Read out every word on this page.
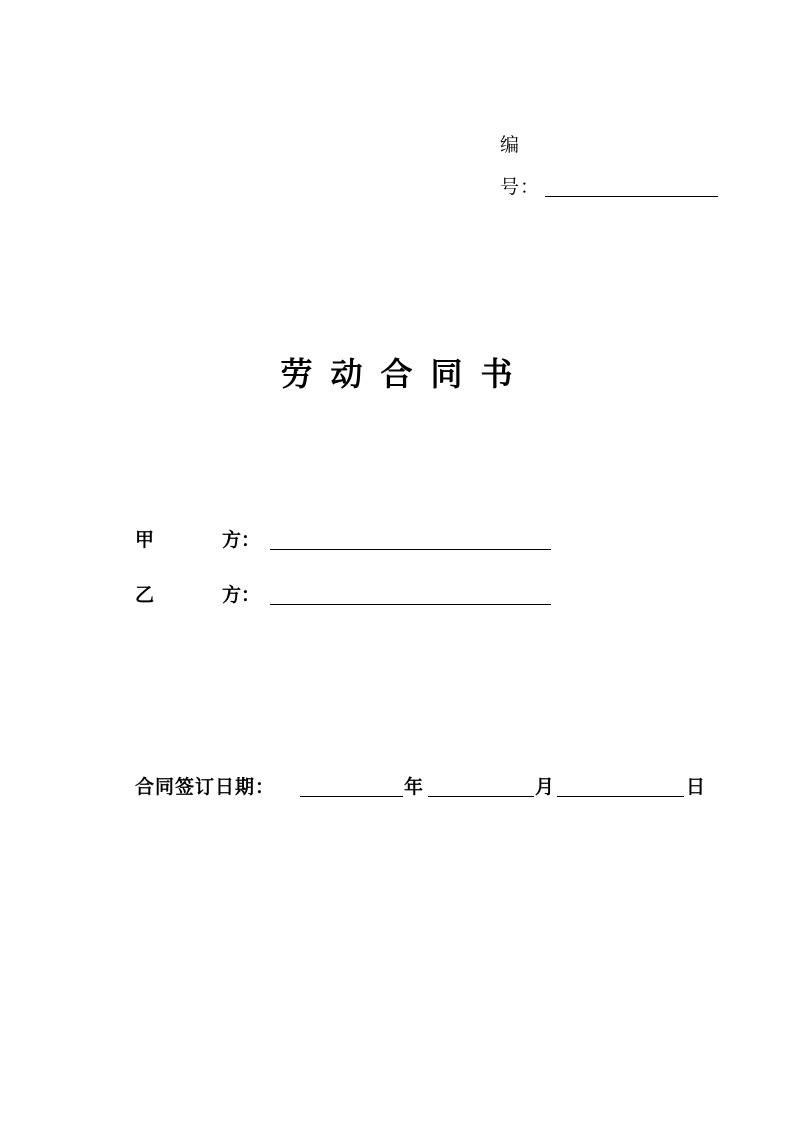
编
号 ：
劳动合同书
甲	方：
乙	方：
合同签订日期：	年	月	日
